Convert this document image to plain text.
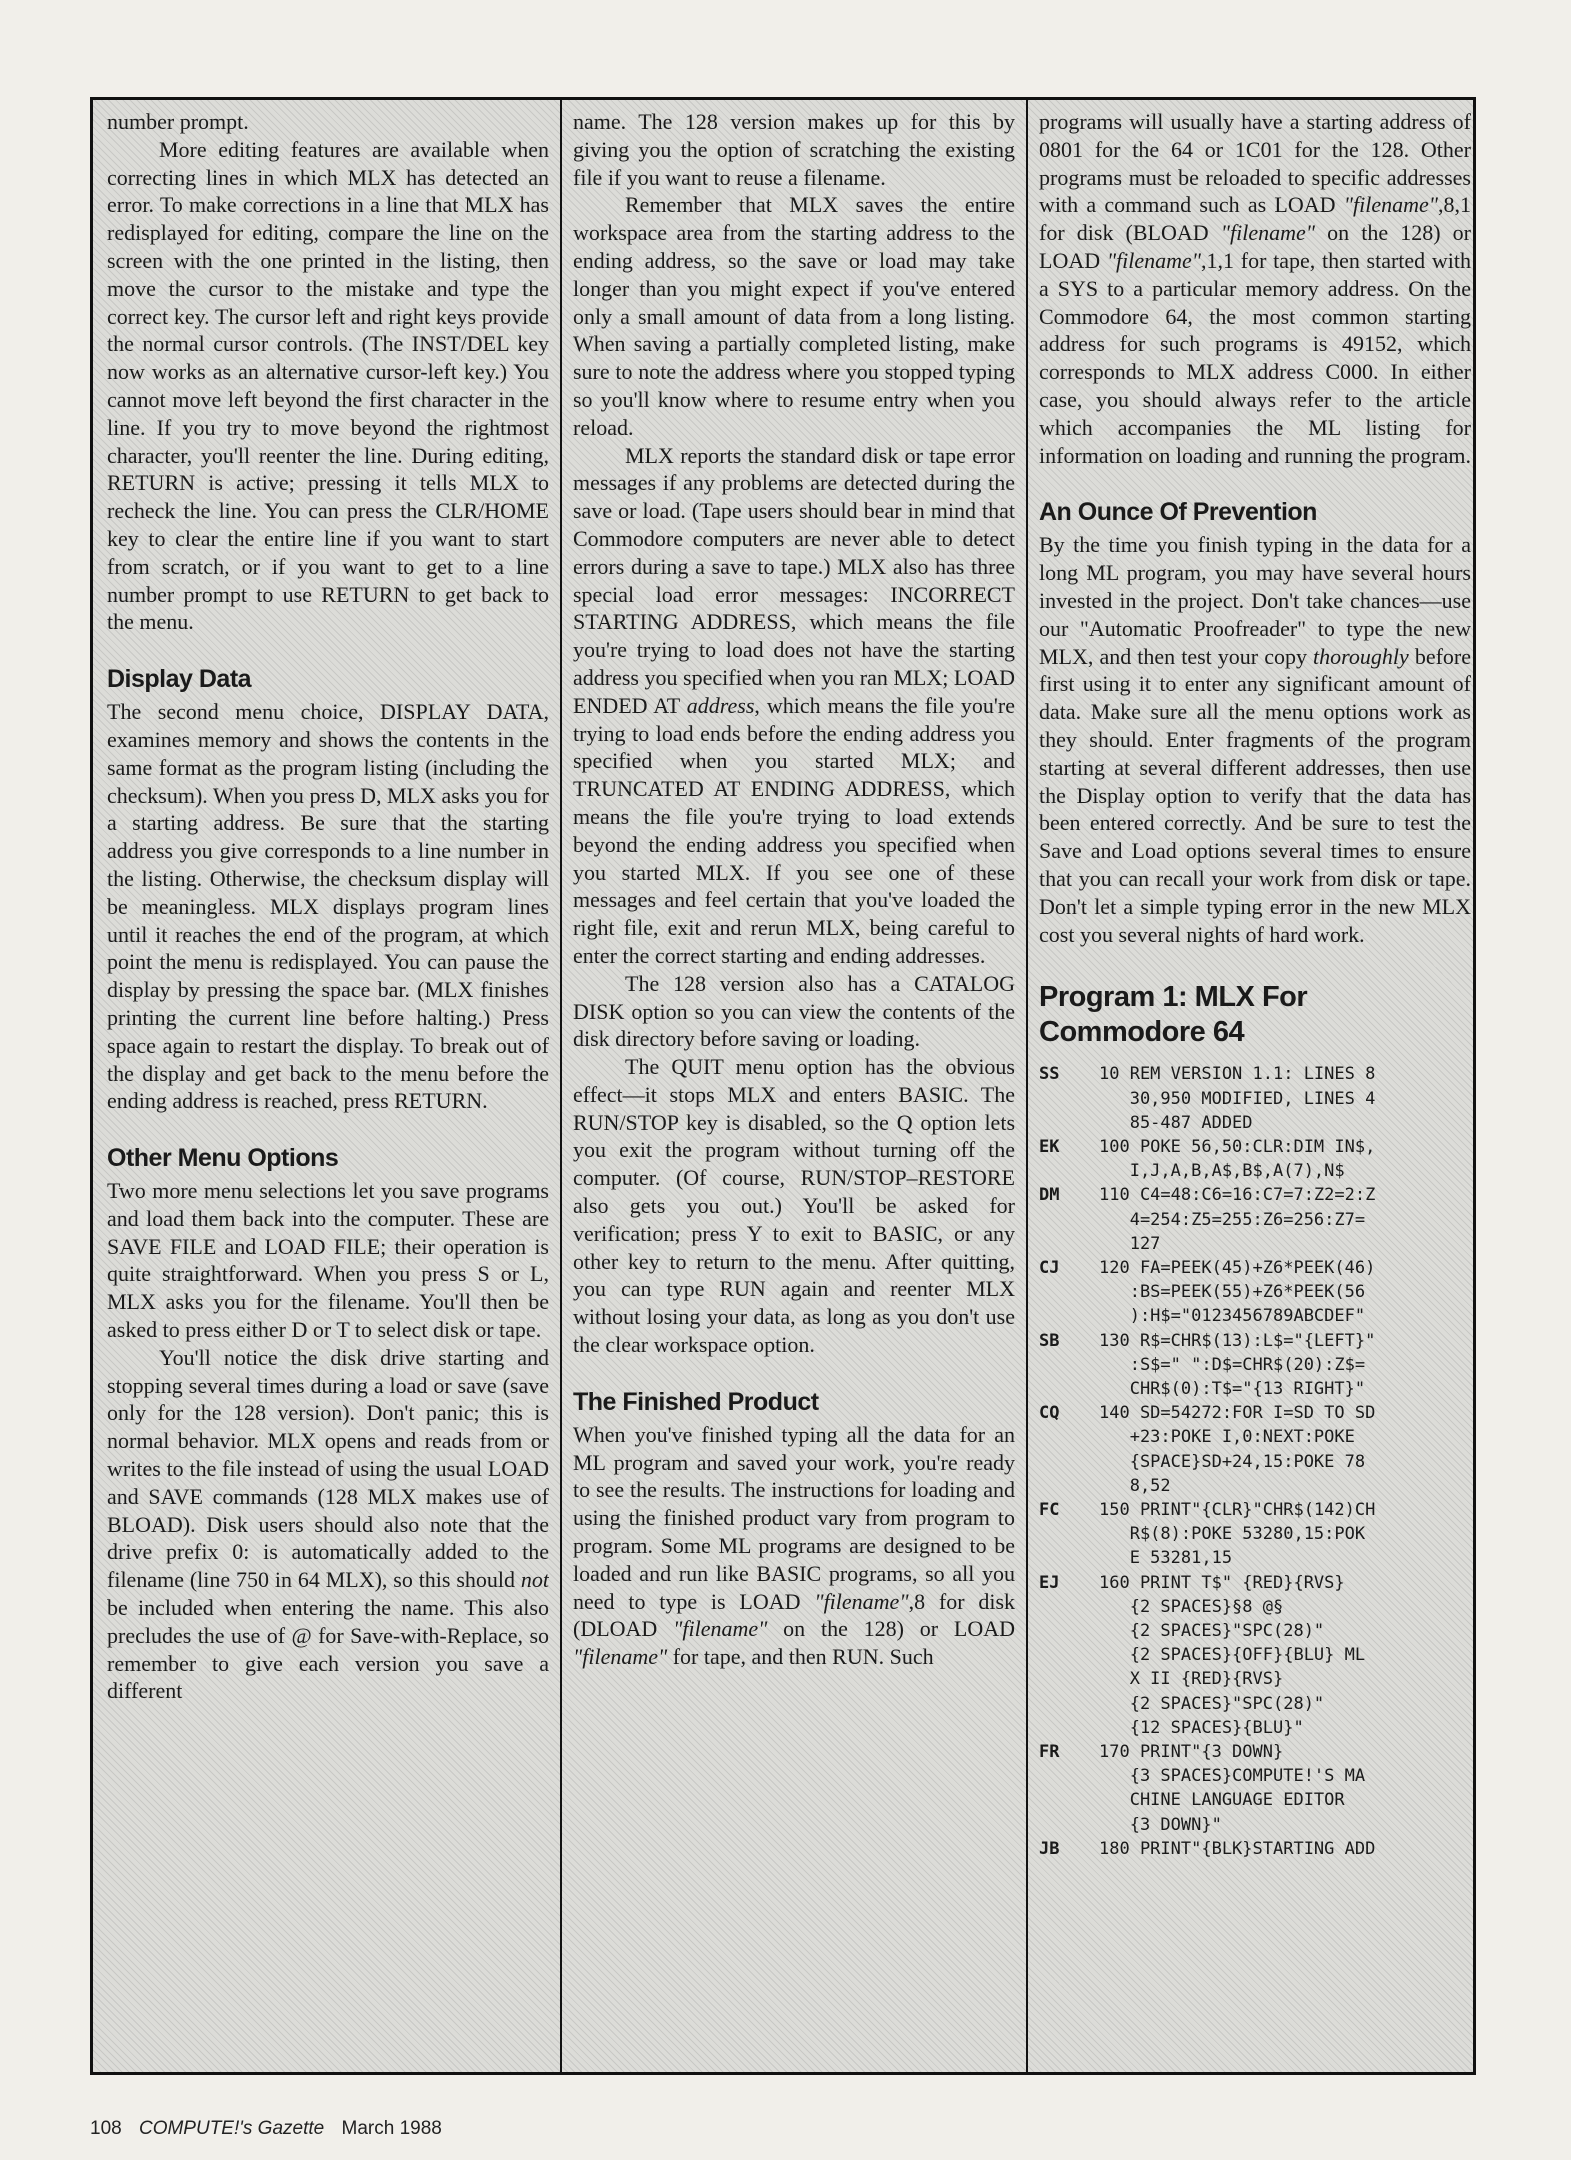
number prompt.

More editing features are available when correcting lines in which MLX has detected an error. To make corrections in a line that MLX has redisplayed for editing, compare the line on the screen with the one printed in the listing, then move the cursor to the mistake and type the correct key. The cursor left and right keys provide the normal cursor controls. (The INST/DEL key now works as an alternative cursor-left key.) You cannot move left beyond the first character in the line. If you try to move beyond the rightmost character, you'll reenter the line. During editing, RETURN is active; pressing it tells MLX to recheck the line. You can press the CLR/HOME key to clear the entire line if you want to start from scratch, or if you want to get to a line number prompt to use RETURN to get back to the menu.

Display Data

The second menu choice, DISPLAY DATA, examines memory and shows the contents in the same format as the program listing (including the checksum). When you press D, MLX asks you for a starting address. Be sure that the starting address you give corresponds to a line number in the listing. Otherwise, the checksum display will be meaningless. MLX displays program lines until it reaches the end of the program, at which point the menu is redisplayed. You can pause the display by pressing the space bar. (MLX finishes printing the current line before halting.) Press space again to restart the display. To break out of the display and get back to the menu before the ending address is reached, press RETURN.

Other Menu Options

Two more menu selections let you save programs and load them back into the computer. These are SAVE FILE and LOAD FILE; their operation is quite straightforward. When you press S or L, MLX asks you for the filename. You'll then be asked to press either D or T to select disk or tape.

You'll notice the disk drive starting and stopping several times during a load or save (save only for the 128 version). Don't panic; this is normal behavior. MLX opens and reads from or writes to the file instead of using the usual LOAD and SAVE commands (128 MLX makes use of BLOAD). Disk users should also note that the drive prefix 0: is automatically added to the filename (line 750 in 64 MLX), so this should not be included when entering the name. This also precludes the use of @ for Save-with-Replace, so remember to give each version you save a different

name. The 128 version makes up for this by giving you the option of scratching the existing file if you want to reuse a filename.

Remember that MLX saves the entire workspace area from the starting address to the ending address, so the save or load may take longer than you might expect if you've entered only a small amount of data from a long listing. When saving a partially completed listing, make sure to note the address where you stopped typing so you'll know where to resume entry when you reload.

MLX reports the standard disk or tape error messages if any problems are detected during the save or load. (Tape users should bear in mind that Commodore computers are never able to detect errors during a save to tape.) MLX also has three special load error messages: INCORRECT STARTING ADDRESS, which means the file you're trying to load does not have the starting address you specified when you ran MLX; LOAD ENDED AT address, which means the file you're trying to load ends before the ending address you specified when you started MLX; and TRUNCATED AT ENDING ADDRESS, which means the file you're trying to load extends beyond the ending address you specified when you started MLX. If you see one of these messages and feel certain that you've loaded the right file, exit and rerun MLX, being careful to enter the correct starting and ending addresses.

The 128 version also has a CATALOG DISK option so you can view the contents of the disk directory before saving or loading.

The QUIT menu option has the obvious effect—it stops MLX and enters BASIC. The RUN/STOP key is disabled, so the Q option lets you exit the program without turning off the computer. (Of course, RUN/STOP–RESTORE also gets you out.) You'll be asked for verification; press Y to exit to BASIC, or any other key to return to the menu. After quitting, you can type RUN again and reenter MLX without losing your data, as long as you don't use the clear workspace option.

The Finished Product

When you've finished typing all the data for an ML program and saved your work, you're ready to see the results. The instructions for loading and using the finished product vary from program to program. Some ML programs are designed to be loaded and run like BASIC programs, so all you need to type is LOAD "filename",8 for disk (DLOAD "filename" on the 128) or LOAD "filename" for tape, and then RUN. Such

programs will usually have a starting address of 0801 for the 64 or 1C01 for the 128. Other programs must be reloaded to specific addresses with a command such as LOAD "filename",8,1 for disk (BLOAD "filename" on the 128) or LOAD "filename",1,1 for tape, then started with a SYS to a particular memory address. On the Commodore 64, the most common starting address for such programs is 49152, which corresponds to MLX address C000. In either case, you should always refer to the article which accompanies the ML listing for information on loading and running the program.

An Ounce Of Prevention

By the time you finish typing in the data for a long ML program, you may have several hours invested in the project. Don't take chances—use our "Automatic Proofreader" to type the new MLX, and then test your copy thoroughly before first using it to enter any significant amount of data. Make sure all the menu options work as they should. Enter fragments of the program starting at several different addresses, then use the Display option to verify that the data has been entered correctly. And be sure to test the Save and Load options several times to ensure that you can recall your work from disk or tape. Don't let a simple typing error in the new MLX cost you several nights of hard work.

Program 1: MLX For Commodore 64
SS	10 REM VERSION 1.1: LINES 8
30,950 MODIFIED, LINES 4
85-487 ADDED
EK	100 POKE 56,50:CLR:DIM IN$,
I,J,A,B,A$,B$,A(7),N$
DM	110 C4=48:C6=16:C7=7:Z2=2:Z
4=254:Z5=255:Z6=256:Z7=
127
CJ	120 FA=PEEK(45)+Z6*PEEK(46)
:BS=PEEK(55)+Z6*PEEK(56
):H$="0123456789ABCDEF"
SB	130 R$=CHR$(13):L$="{LEFT}"
:S$=" ":D$=CHR$(20):Z$=
CHR$(0):T$="{13 RIGHT}"
CQ	140 SD=54272:FOR I=SD TO SD
+23:POKE I,0:NEXT:POKE
{SPACE}SD+24,15:POKE 78
8,52
FC	150 PRINT"{CLR}"CHR$(142)CH
R$(8):POKE 53280,15:POK
E 53281,15
EJ	160 PRINT T$" {RED}{RVS}
{2 SPACES}§8 @§
{2 SPACES}"SPC(28)"
{2 SPACES}{OFF}{BLU} ML
X II {RED}{RVS}
{2 SPACES}"SPC(28)"
{12 SPACES}{BLU}"
FR	170 PRINT"{3 DOWN}
{3 SPACES}COMPUTE!'S MA
CHINE LANGUAGE EDITOR
{3 DOWN}"
JB	180 PRINT"{BLK}STARTING ADD
108 COMPUTE!'s Gazette March 1988
